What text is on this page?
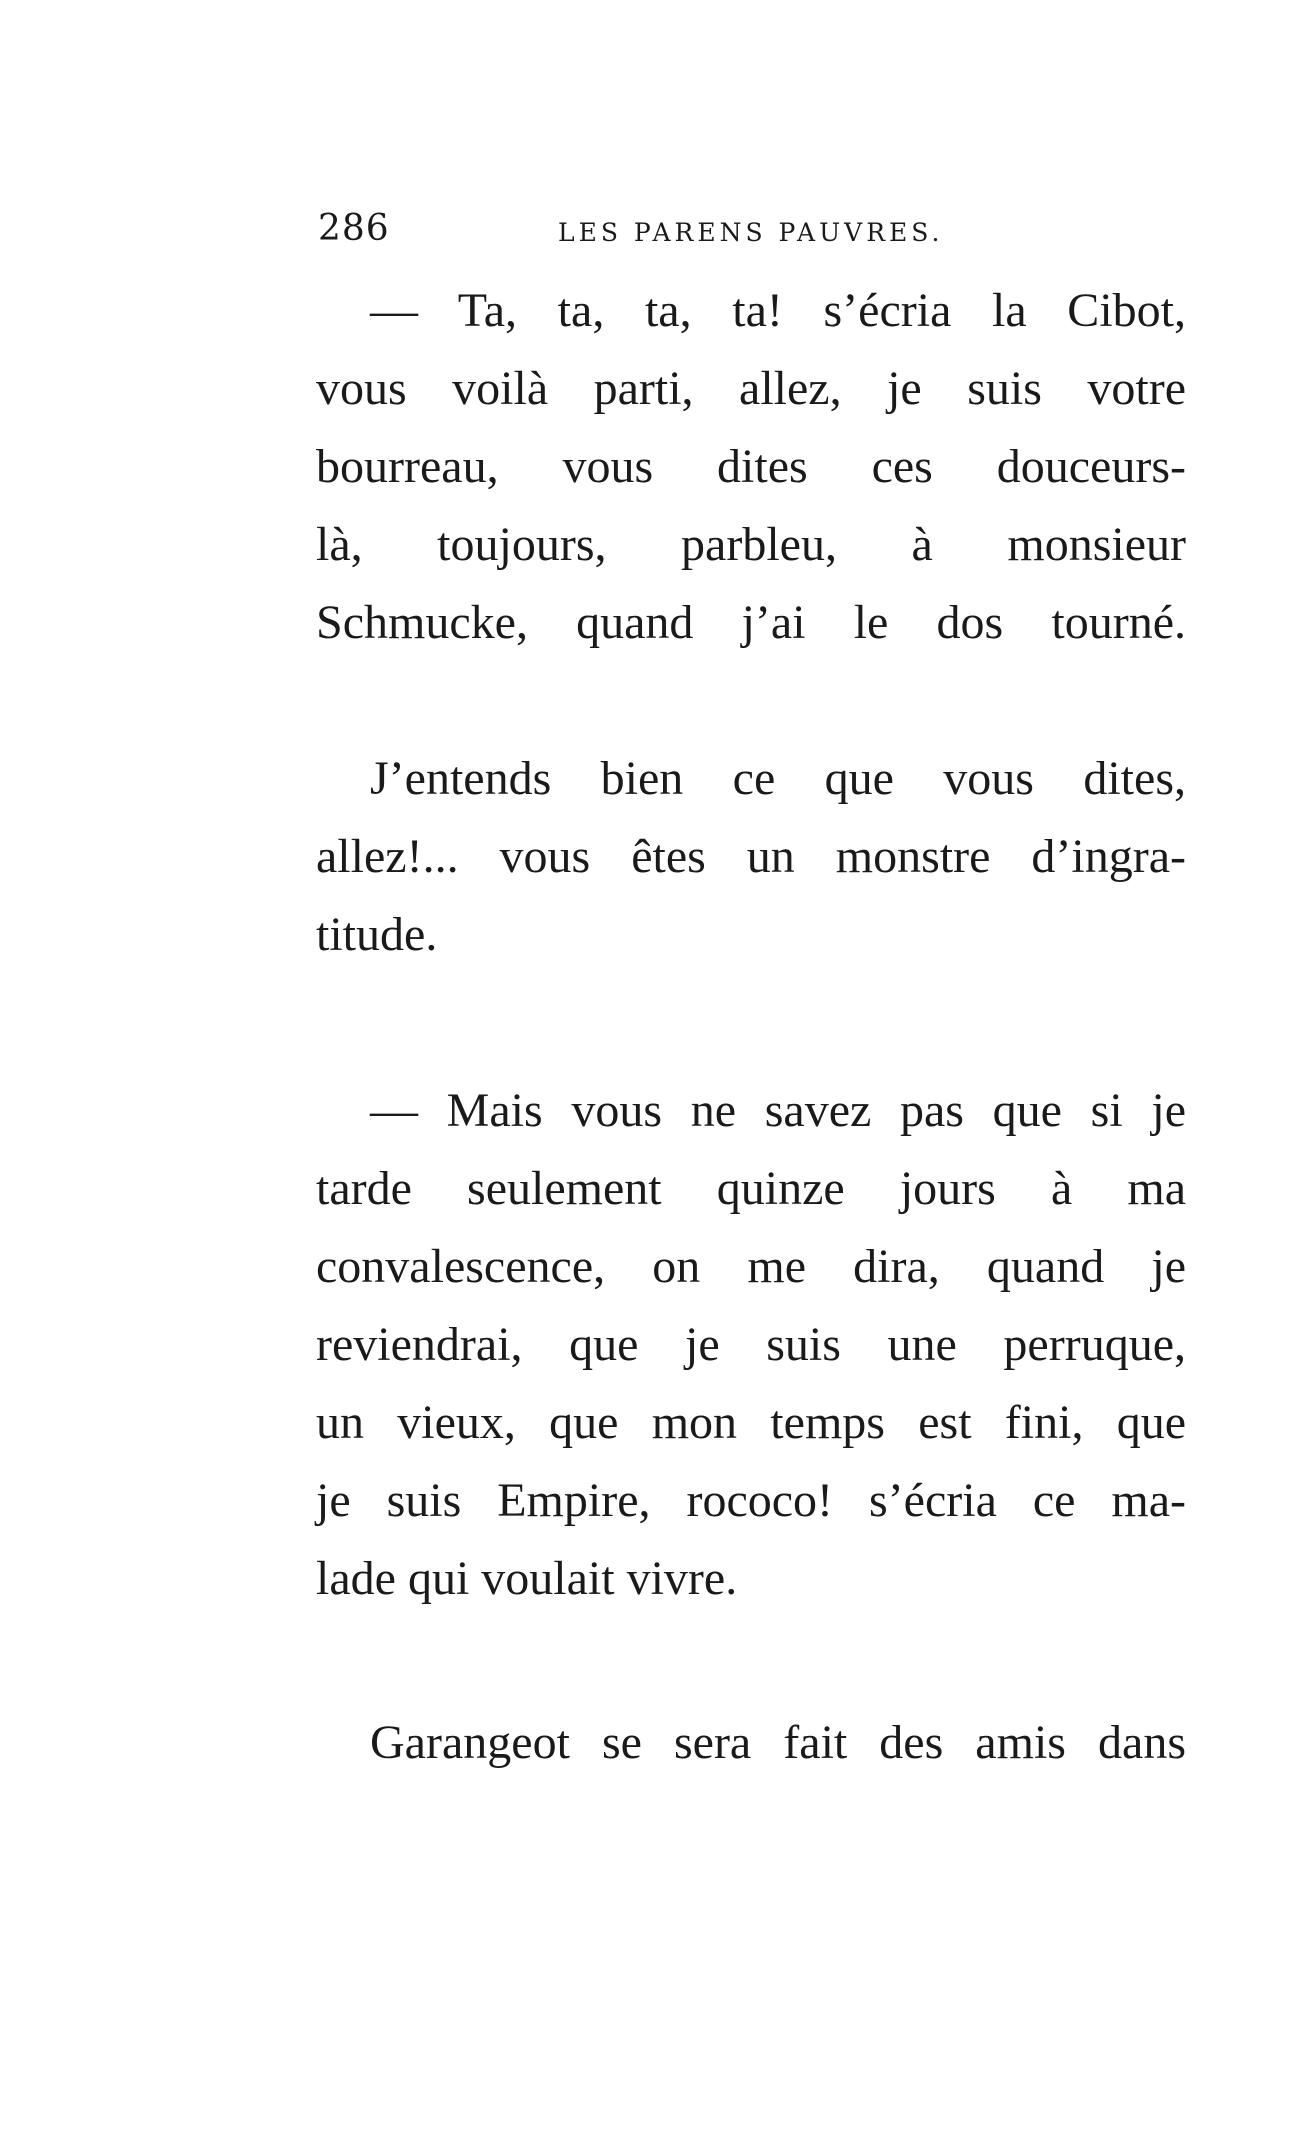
286	LES PARENS PAUVRES.

— Ta, ta, ta, ta! s’écria la Cibot,
vous voilà parti, allez, je suis votre
bourreau, vous dites ces douceurs-
là, toujours, parbleu, à monsieur
Schmucke, quand j’ai le dos tourné.

J’entends bien ce que vous dites,
allez!... vous êtes un monstre d’ingra-
titude.

— Mais vous ne savez pas que si je
tarde seulement quinze jours à ma
convalescence, on me dira, quand je
reviendrai, que je suis une perruque,
un vieux, que mon temps est fini, que
je suis Empire, rococo! s’écria ce ma-
lade qui voulait vivre.

Garangeot se sera fait des amis dans
